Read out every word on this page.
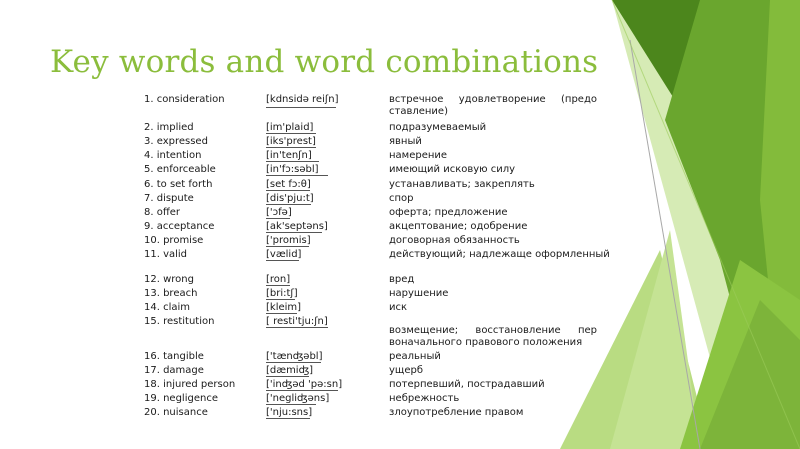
Key words and word combinations
1. consideration
2. implied
3. expressed
4. intention
5. enforceable
6. to set forth
7. dispute
8. offer
9. acceptance
10. promise
11. valid
12. wrong
13. breach
14. claim
15. restitution
16. tangible
17. damage
18. injured person
19. negligence
20. nuisance
[kdnsidə reiʃn]
[im'plaid]
[iks'prest]
[in'tenʃn]
[in'fɔ:səbl]
[set fɔ:θ]
[dis'pju:t]
['ɔfə]
[ak'septəns]
['promis]
[vælid]
[ron]
[bri:tʃ]
[kleim]
[ resti'tju:ʃn]
['tænʤəbl]
[dæmiʤ]
['inʤəd 'pə:sn]
['negliʤəns]
['nju:sns]
встречное удовлетворение (предо
ставление)
подразумеваемый
явный
намерение
имеющий исковую силу
устанавливать; закреплять
спор
оферта; предложение
акцептование; одобрение
договорная обязанность
действующий; надлежаще оформленный
вред
нарушение
иск
возмещение; восстановление пер
воначального правового положения
реальный
ущерб
потерпевший, пострадавший
небрежность
злоупотребление правом
